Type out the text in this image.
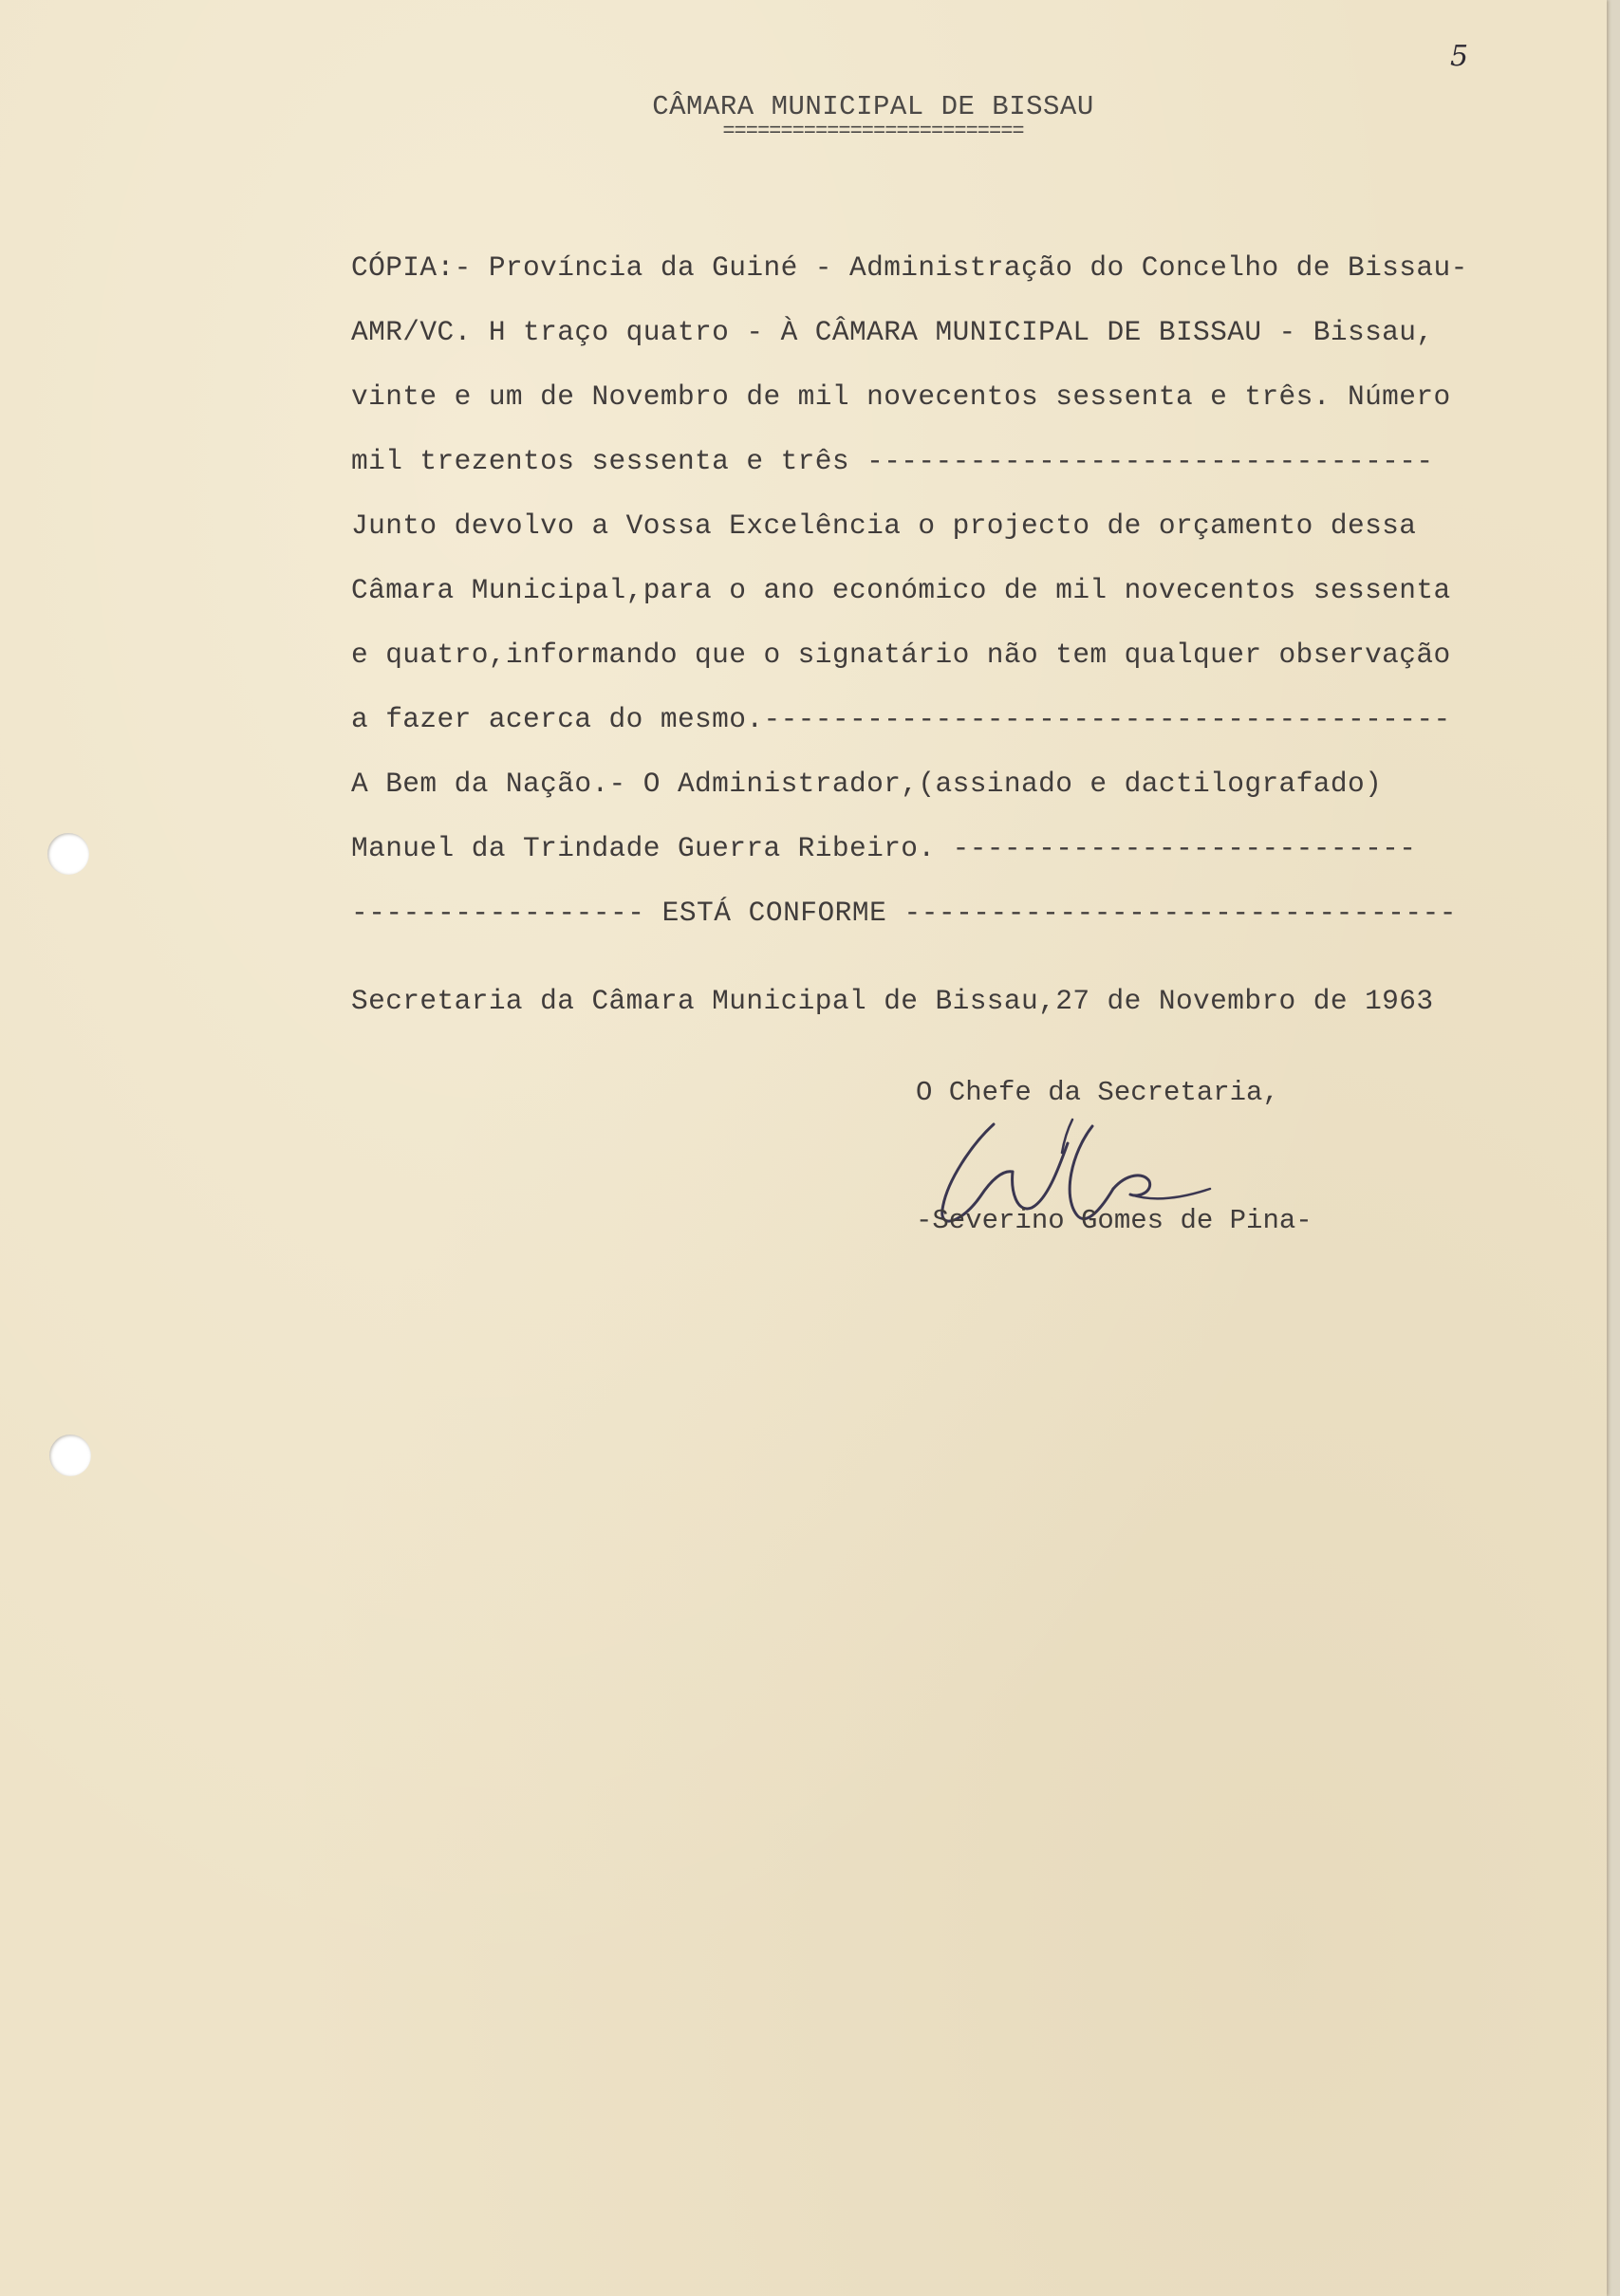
5
CÂMARA MUNICIPAL DE BISSAU
==========================
CÓPIA:- Província da Guiné - Administração do Concelho de Bissau-
AMR/VC. H traço quatro - À CÂMARA MUNICIPAL DE BISSAU - Bissau,
vinte e um de Novembro de mil novecentos sessenta e três. Número
mil trezentos sessenta e três ---------------------------------
Junto devolvo a Vossa Excelência o projecto de orçamento dessa
Câmara Municipal,para o ano económico de mil novecentos sessenta
e quatro,informando que o signatário não tem qualquer observação
a fazer acerca do mesmo.----------------------------------------
A Bem da Nação.- O Administrador,(assinado e dactilografado)
Manuel da Trindade Guerra Ribeiro. ---------------------------
----------------- ESTÁ CONFORME --------------------------------
Secretaria da Câmara Municipal de Bissau,27 de Novembro de 1963
O Chefe da Secretaria,
-Severino Gomes de Pina-
